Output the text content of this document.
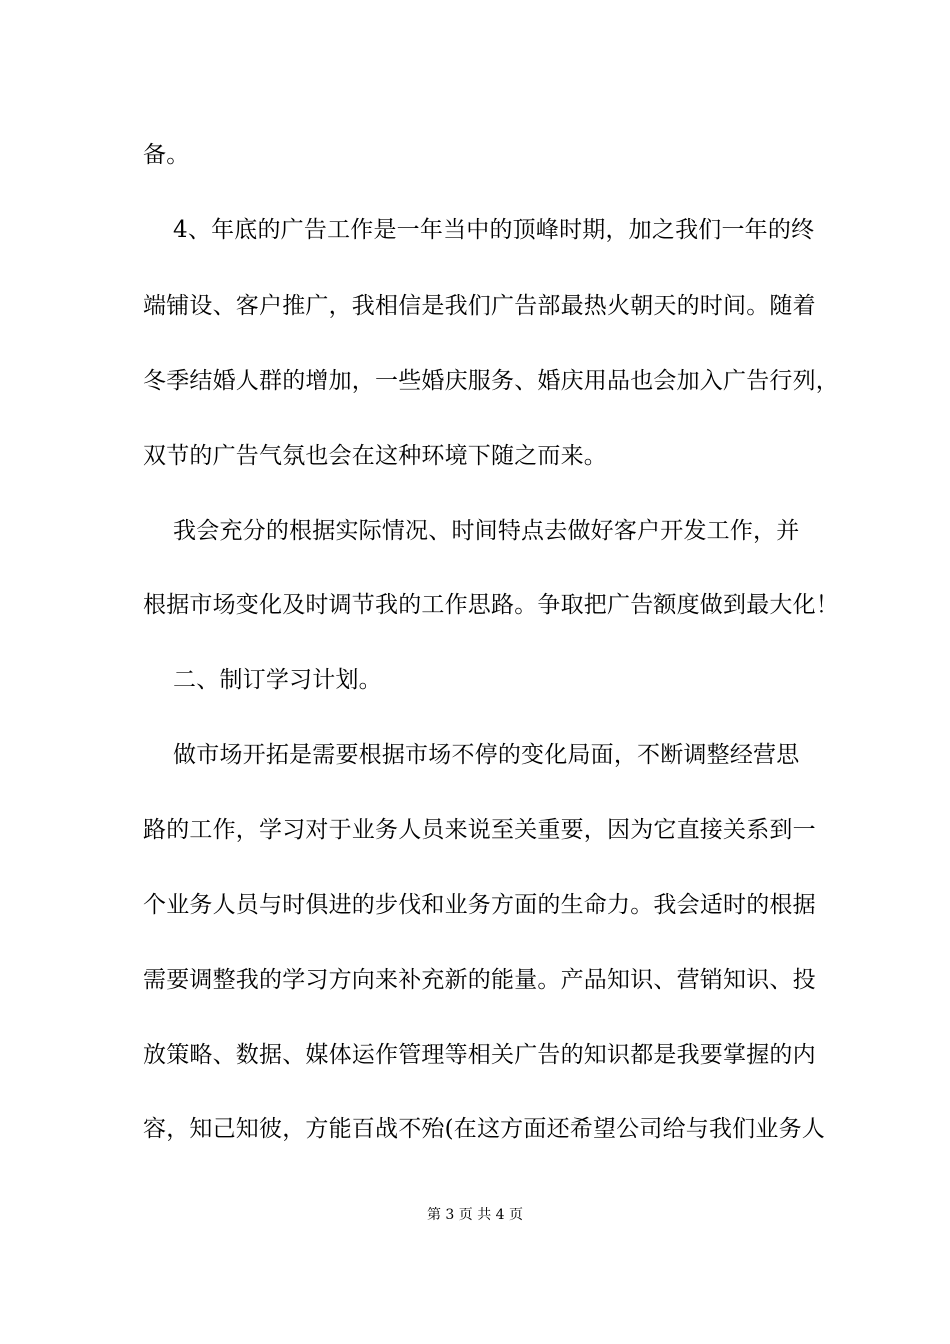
备。
4、年底的广告工作是一年当中的顶峰时期，加之我们一年的终
端铺设、客户推广，我相信是我们广告部最热火朝天的时间。随着
冬季结婚人群的增加，一些婚庆服务、婚庆用品也会加入广告行列，
双节的广告气氛也会在这种环境下随之而来。
我会充分的根据实际情况、时间特点去做好客户开发工作，并
根据市场变化及时调节我的工作思路。争取把广告额度做到最大化！
二、制订学习计划。
做市场开拓是需要根据市场不停的变化局面，不断调整经营思
路的工作，学习对于业务人员来说至关重要，因为它直接关系到一
个业务人员与时俱进的步伐和业务方面的生命力。我会适时的根据
需要调整我的学习方向来补充新的能量。产品知识、营销知识、投
放策略、数据、媒体运作管理等相关广告的知识都是我要掌握的内
容，知己知彼，方能百战不殆(在这方面还希望公司给与我们业务人
第 3 页 共 4 页
